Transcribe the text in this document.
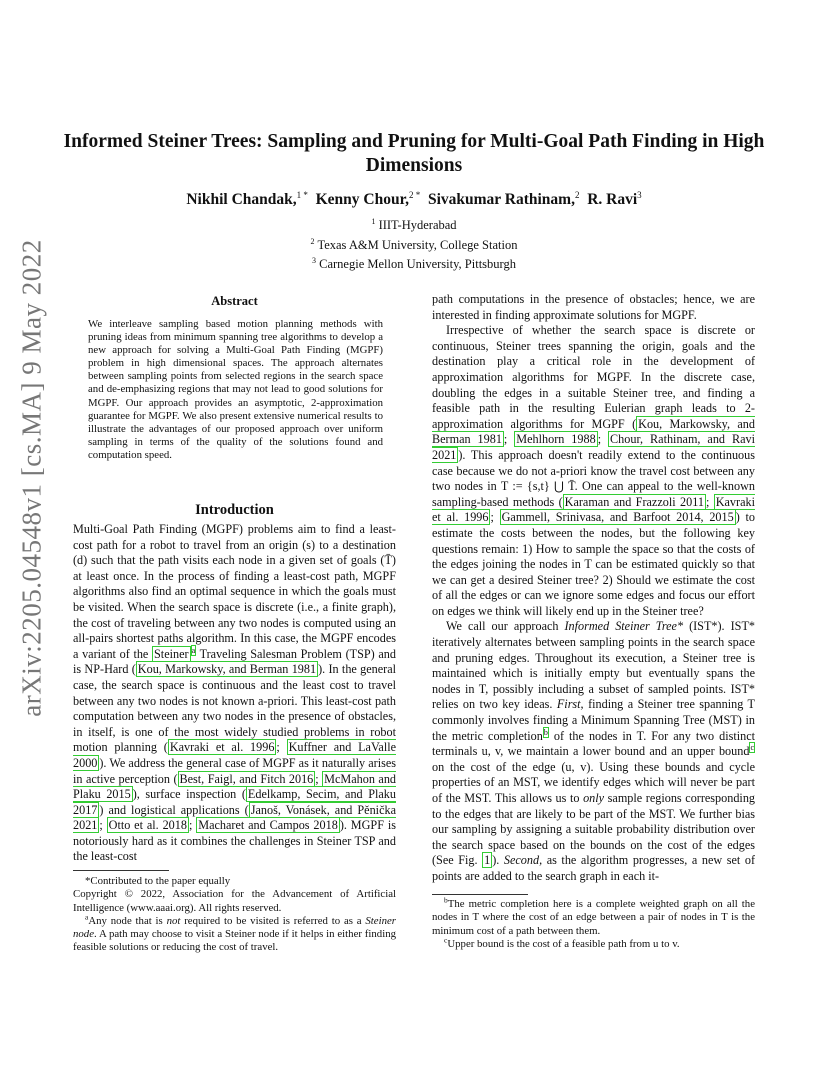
arXiv:2205.04548v1 [cs.MA] 9 May 2022
Informed Steiner Trees: Sampling and Pruning for Multi-Goal Path Finding in High Dimensions
Nikhil Chandak,$^{1 *}$ Kenny Chour,$^{2 *}$ Sivakumar Rathinam,$^2$ R. Ravi$^3$
$^1$ IIIT-Hyderabad
$^2$ Texas A&M University, College Station
$^3$ Carnegie Mellon University, Pittsburgh
Abstract
We interleave sampling based motion planning methods with pruning ideas from minimum spanning tree algorithms to develop a new approach for solving a Multi-Goal Path Finding (MGPF) problem in high dimensional spaces. The approach alternates between sampling points from selected regions in the search space and de-emphasizing regions that may not lead to good solutions for MGPF. Our approach provides an asymptotic, 2-approximation guarantee for MGPF. We also present extensive numerical results to illustrate the advantages of our proposed approach over uniform sampling in terms of the quality of the solutions found and computation speed.
Introduction

Multi-Goal Path Finding (MGPF) problems aim to find a least-cost path for a robot to travel from an origin (s) to a destination (d) such that the path visits each node in a given set of goals (T̄) at least once. In the process of finding a least-cost path, MGPF algorithms also find an optimal sequence in which the goals must be visited. When the search space is discrete (i.e., a finite graph), the cost of traveling between any two nodes is computed using an all-pairs shortest paths algorithm. In this case, the MGPF encodes a variant of the Steiner $^a$ Traveling Salesman Problem (TSP) and is NP-Hard ( Kou, Markowsky, and Berman 1981 ). In the general case, the search space is continuous and the least cost to travel between any two nodes is not known a-priori. This least-cost path computation between any two nodes in the presence of obstacles, in itself, is one of the most widely studied problems in robot motion planning ( Kavraki et al. 1996 ; Kuffner and LaValle 2000 ). We address the general case of MGPF as it naturally arises in active perception ( Best, Faigl, and Fitch 2016 ; McMahon and Plaku 2015 ), surface inspection ( Edelkamp, Secim, and Plaku 2017 ) and logistical applications ( Janoš, Vonásek, and Pěnička 2021 ; Otto et al. 2018 ; Macharet and Campos 2018 ). MGPF is notoriously hard as it combines the challenges in Steiner TSP and the least-cost

*Contributed to the paper equally

Copyright © 2022, Association for the Advancement of Artificial Intelligence (www.aaai.org). All rights reserved.

$^a$Any node that is not required to be visited is referred to as a Steiner node. A path may choose to visit a Steiner node if it helps in either finding feasible solutions or reducing the cost of travel.

path computations in the presence of obstacles; hence, we are interested in finding approximate solutions for MGPF.

Irrespective of whether the search space is discrete or continuous, Steiner trees spanning the origin, goals and the destination play a critical role in the development of approximation algorithms for MGPF. In the discrete case, doubling the edges in a suitable Steiner tree, and finding a feasible path in the resulting Eulerian graph leads to 2-approximation algorithms for MGPF ( Kou, Markowsky, and Berman 1981 ; Mehlhorn 1988 ; Chour, Rathinam, and Ravi 2021 ). This approach doesn't readily extend to the continuous case because we do not a-priori know the travel cost between any two nodes in T := {s,t} ⋃ T̄. One can appeal to the well-known sampling-based methods ( Karaman and Frazzoli 2011 ; Kavraki et al. 1996 ; Gammell, Srinivasa, and Barfoot 2014, 2015 ) to estimate the costs between the nodes, but the following key questions remain: 1) How to sample the space so that the costs of the edges joining the nodes in T can be estimated quickly so that we can get a desired Steiner tree? 2) Should we estimate the cost of all the edges or can we ignore some edges and focus our effort on edges we think will likely end up in the Steiner tree?

We call our approach Informed Steiner Tree* (IST*). IST* iteratively alternates between sampling points in the search space and pruning edges. Throughout its execution, a Steiner tree is maintained which is initially empty but eventually spans the nodes in T, possibly including a subset of sampled points. IST* relies on two key ideas. First, finding a Steiner tree spanning T commonly involves finding a Minimum Spanning Tree (MST) in the metric completion$^b$ of the nodes in T. For any two distinct terminals u, v, we maintain a lower bound and an upper bound$^c$ on the cost of the edge (u, v). Using these bounds and cycle properties of an MST, we identify edges which will never be part of the MST. This allows us to only sample regions corresponding to the edges that are likely to be part of the MST. We further bias our sampling by assigning a suitable probability distribution over the search space based on the bounds on the cost of the edges (See Fig. 1 ). Second, as the algorithm progresses, a new set of points are added to the search graph in each it-

$^b$The metric completion here is a complete weighted graph on all the nodes in T where the cost of an edge between a pair of nodes in T is the minimum cost of a path between them.

$^c$Upper bound is the cost of a feasible path from u to v.
